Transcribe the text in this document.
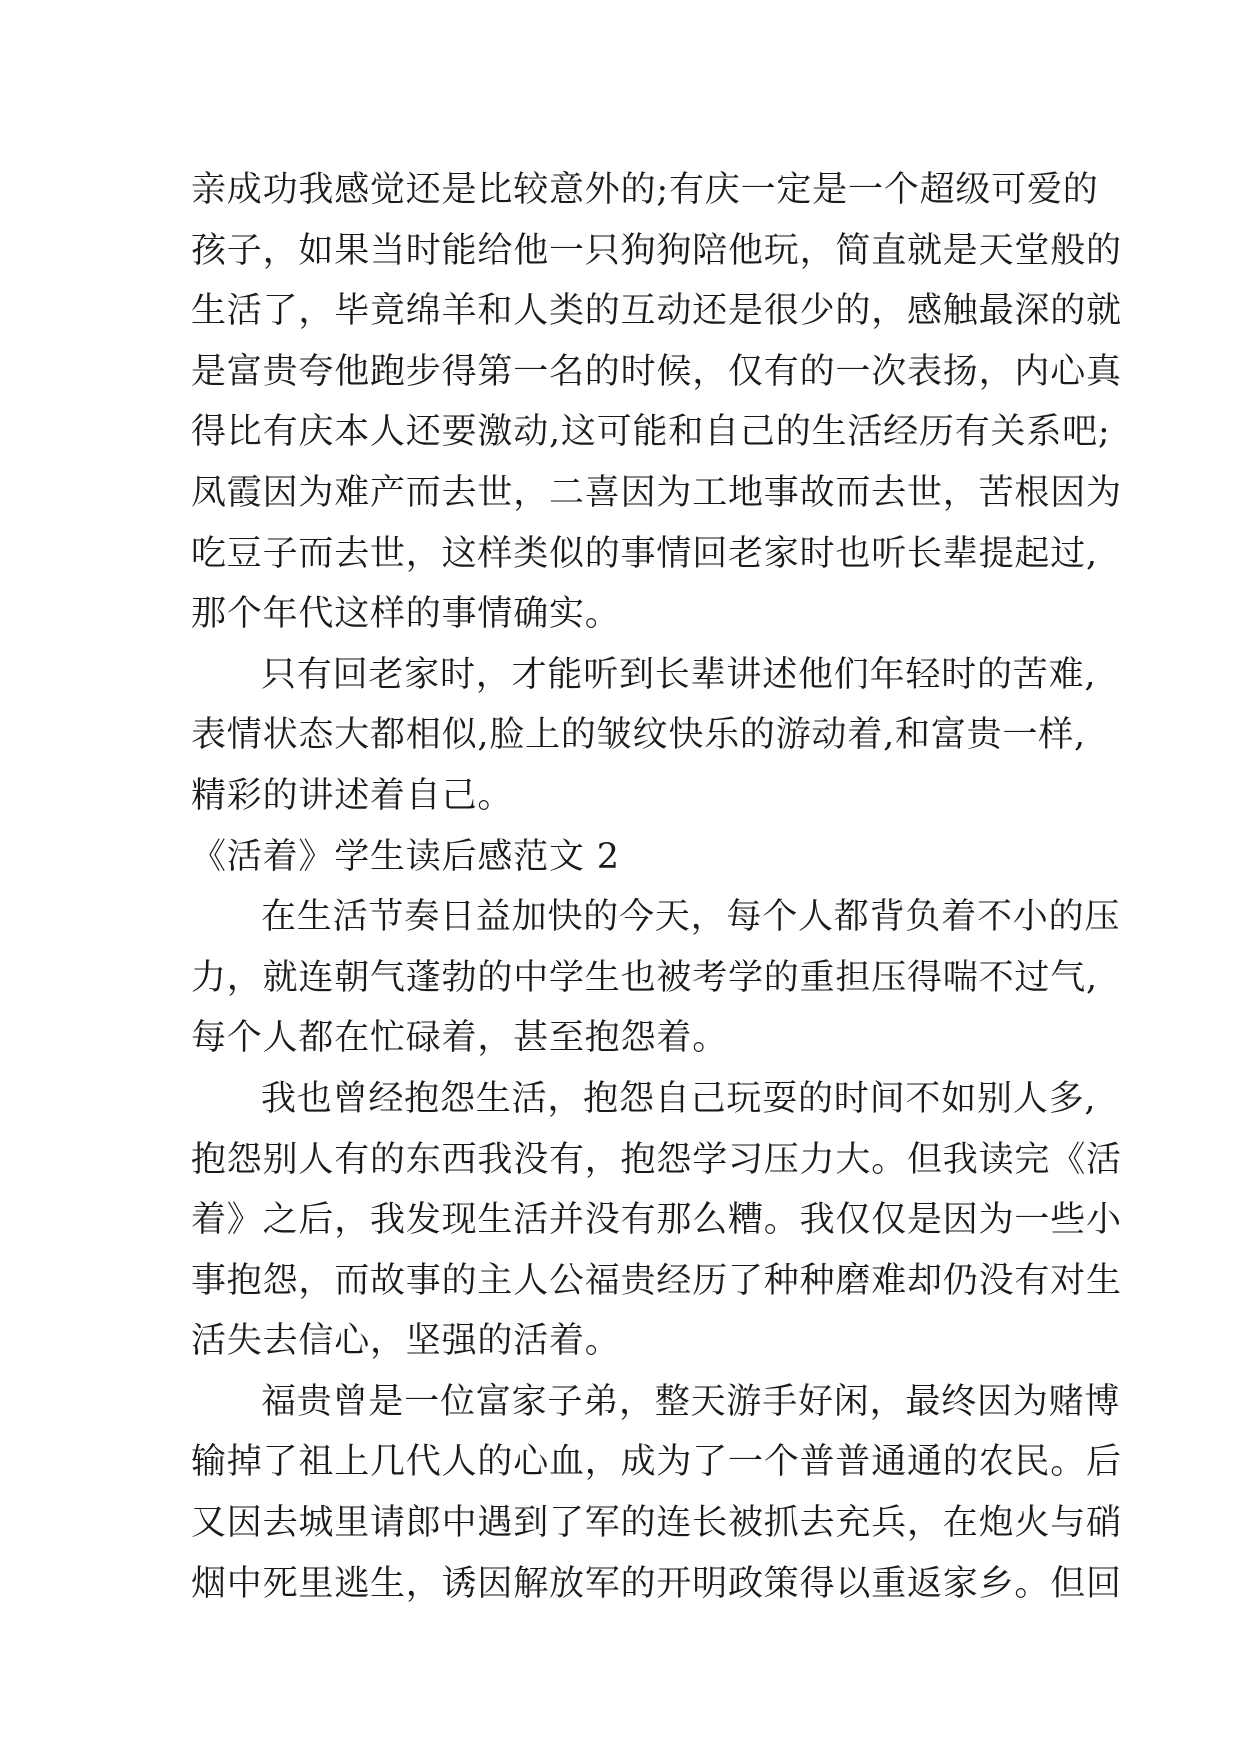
亲成功我感觉还是比较意外的;有庆一定是一个超级可爱的
孩子，如果当时能给他一只狗狗陪他玩，简直就是天堂般的
生活了，毕竟绵羊和人类的互动还是很少的，感触最深的就
是富贵夸他跑步得第一名的时候，仅有的一次表扬，内心真
得比有庆本人还要激动,这可能和自己的生活经历有关系吧;
凤霞因为难产而去世，二喜因为工地事故而去世，苦根因为
吃豆子而去世，这样类似的事情回老家时也听长辈提起过,
那个年代这样的事情确实。
只有回老家时，才能听到长辈讲述他们年轻时的苦难,
表情状态大都相似,脸上的皱纹快乐的游动着,和富贵一样,
精彩的讲述着自己。
《活着》学生读后感范文 2
在生活节奏日益加快的今天，每个人都背负着不小的压
力，就连朝气蓬勃的中学生也被考学的重担压得喘不过气,
每个人都在忙碌着，甚至抱怨着。
我也曾经抱怨生活，抱怨自己玩耍的时间不如别人多,
抱怨别人有的东西我没有，抱怨学习压力大。但我读完《活
着》之后，我发现生活并没有那么糟。我仅仅是因为一些小
事抱怨，而故事的主人公福贵经历了种种磨难却仍没有对生
活失去信心，坚强的活着。
福贵曾是一位富家子弟，整天游手好闲，最终因为赌博
输掉了祖上几代人的心血，成为了一个普普通通的农民。后
又因去城里请郎中遇到了军的连长被抓去充兵，在炮火与硝
烟中死里逃生，诱因解放军的开明政策得以重返家乡。但回
